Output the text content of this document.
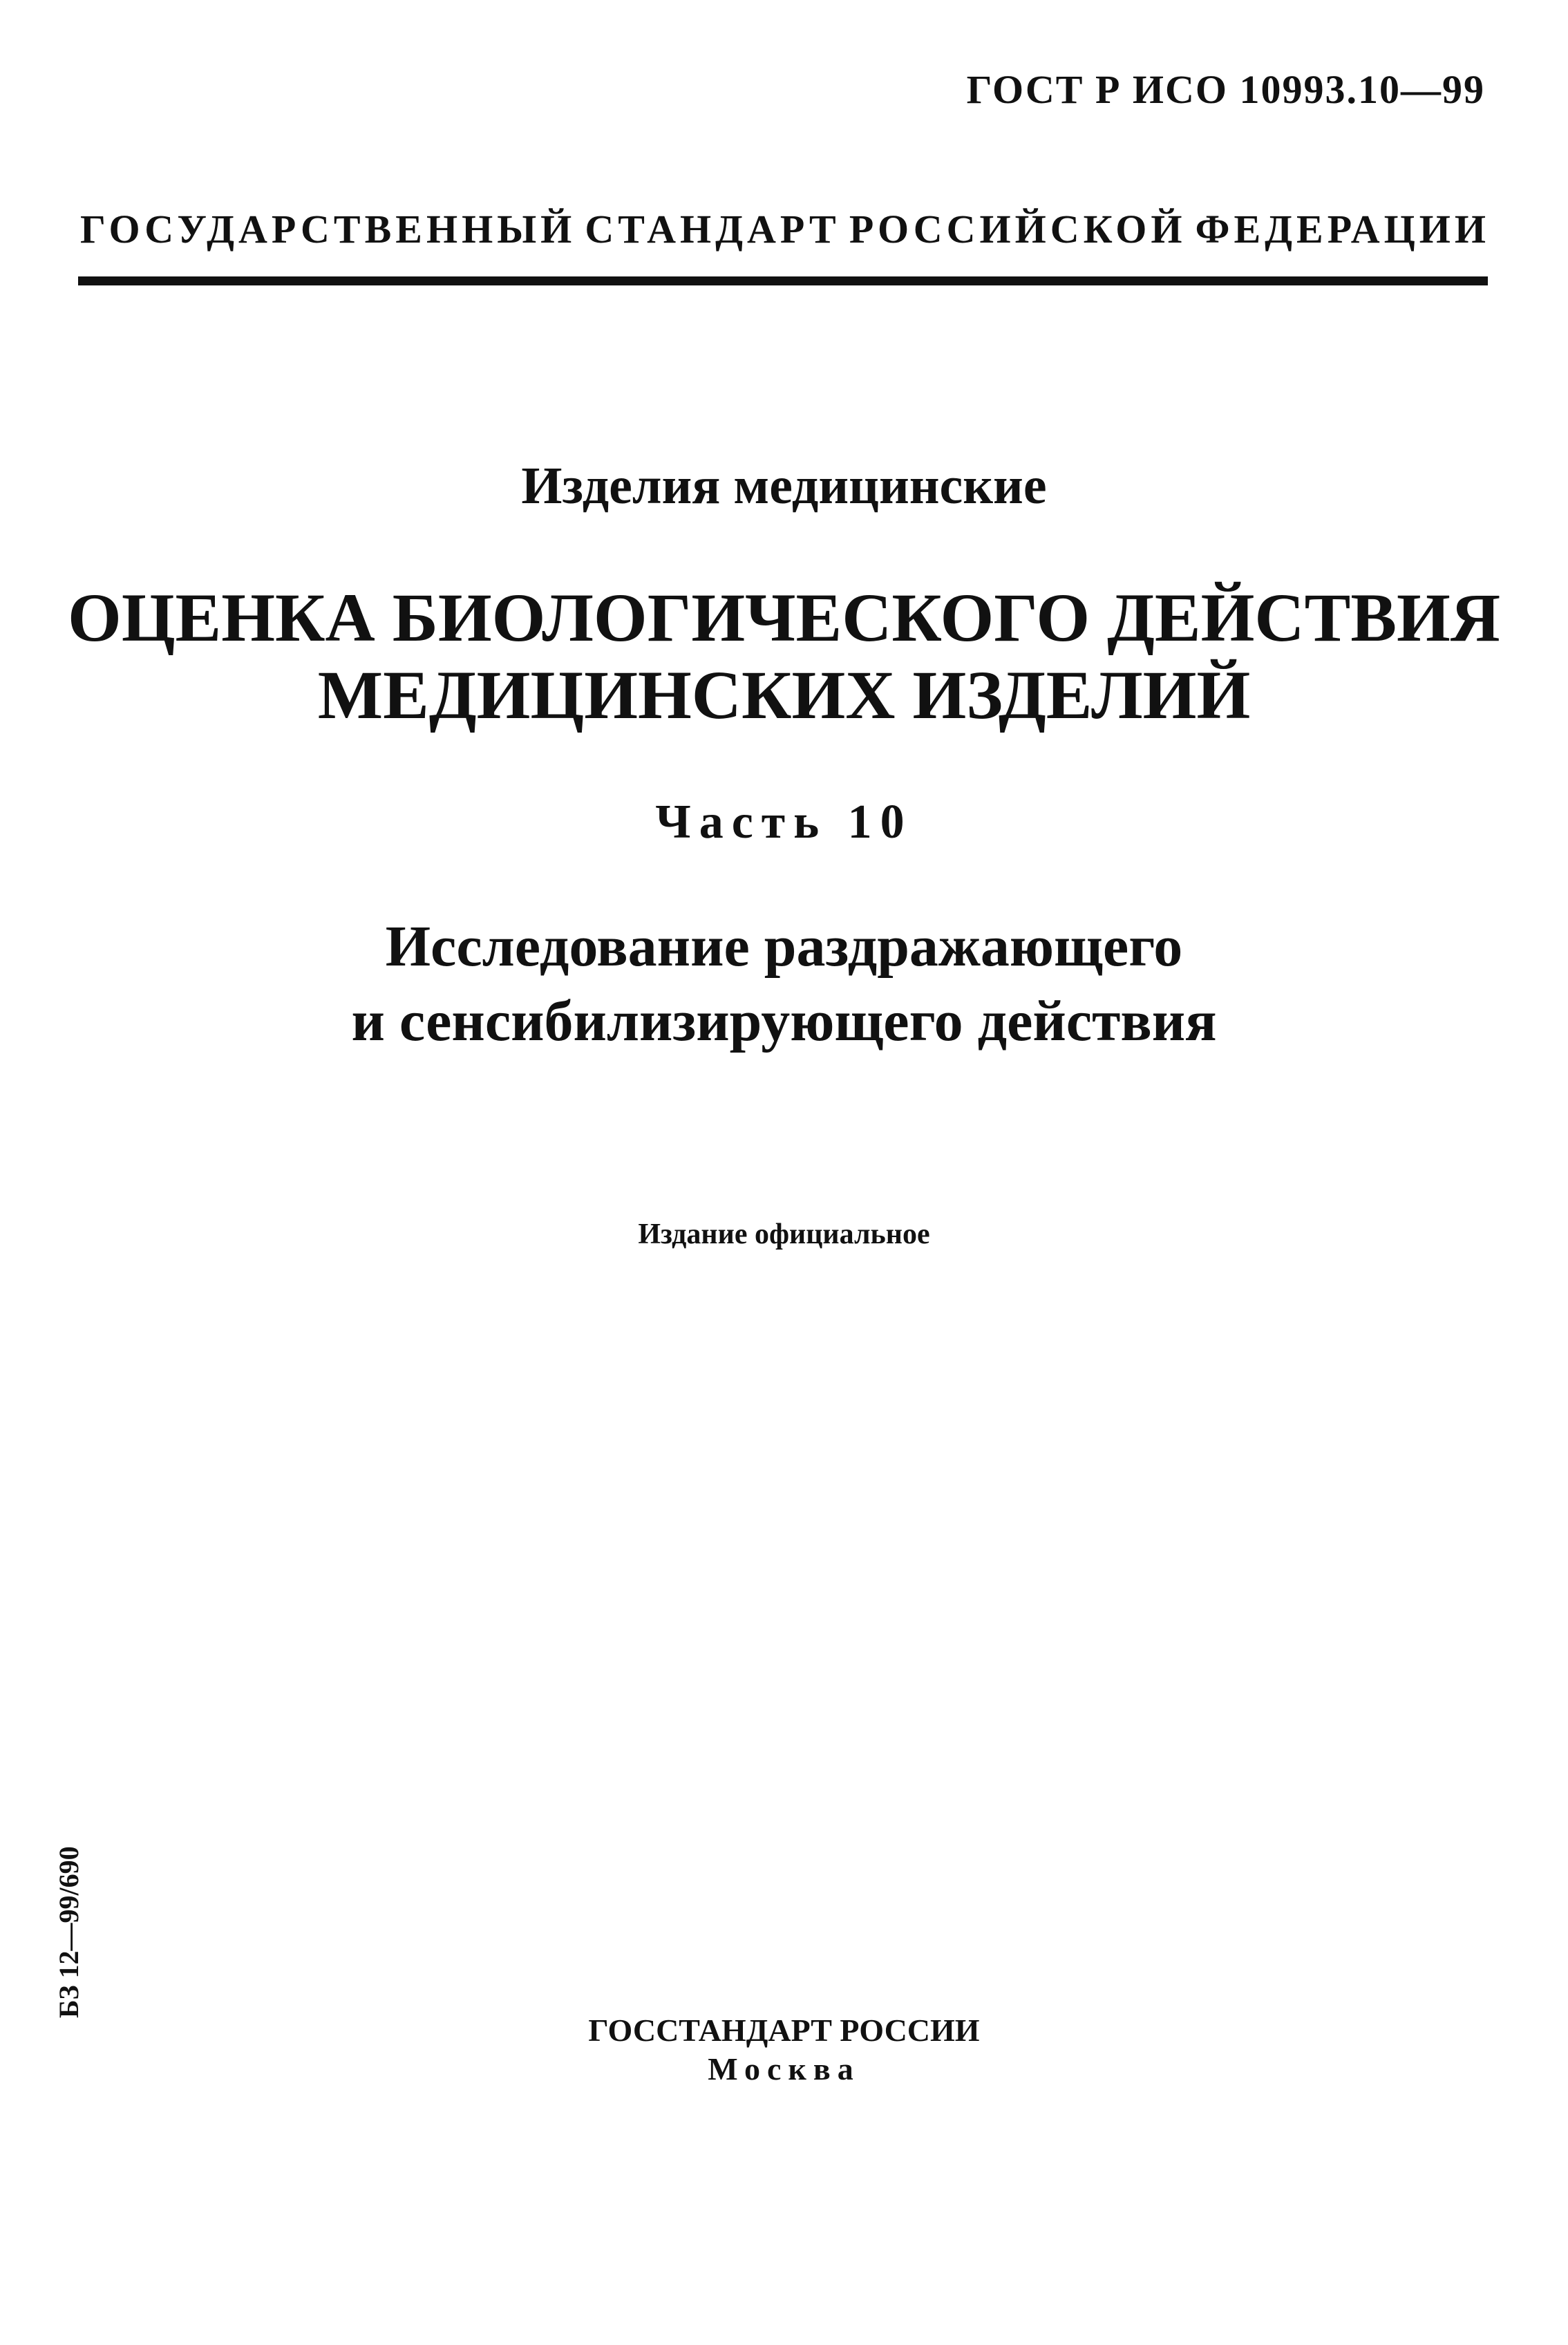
ГОСТ Р ИСО 10993.10—99
ГОСУДАРСТВЕННЫЙ СТАНДАРТ РОССИЙСКОЙ ФЕДЕРАЦИИ
Изделия медицинские
ОЦЕНКА БИОЛОГИЧЕСКОГО ДЕЙСТВИЯ
МЕДИЦИНСКИХ ИЗДЕЛИЙ
Часть 10
Исследование раздражающего
и сенсибилизирующего действия
Издание официальное
БЗ 12—99/690
ГОССТАНДАРТ РОССИИ
Москва
